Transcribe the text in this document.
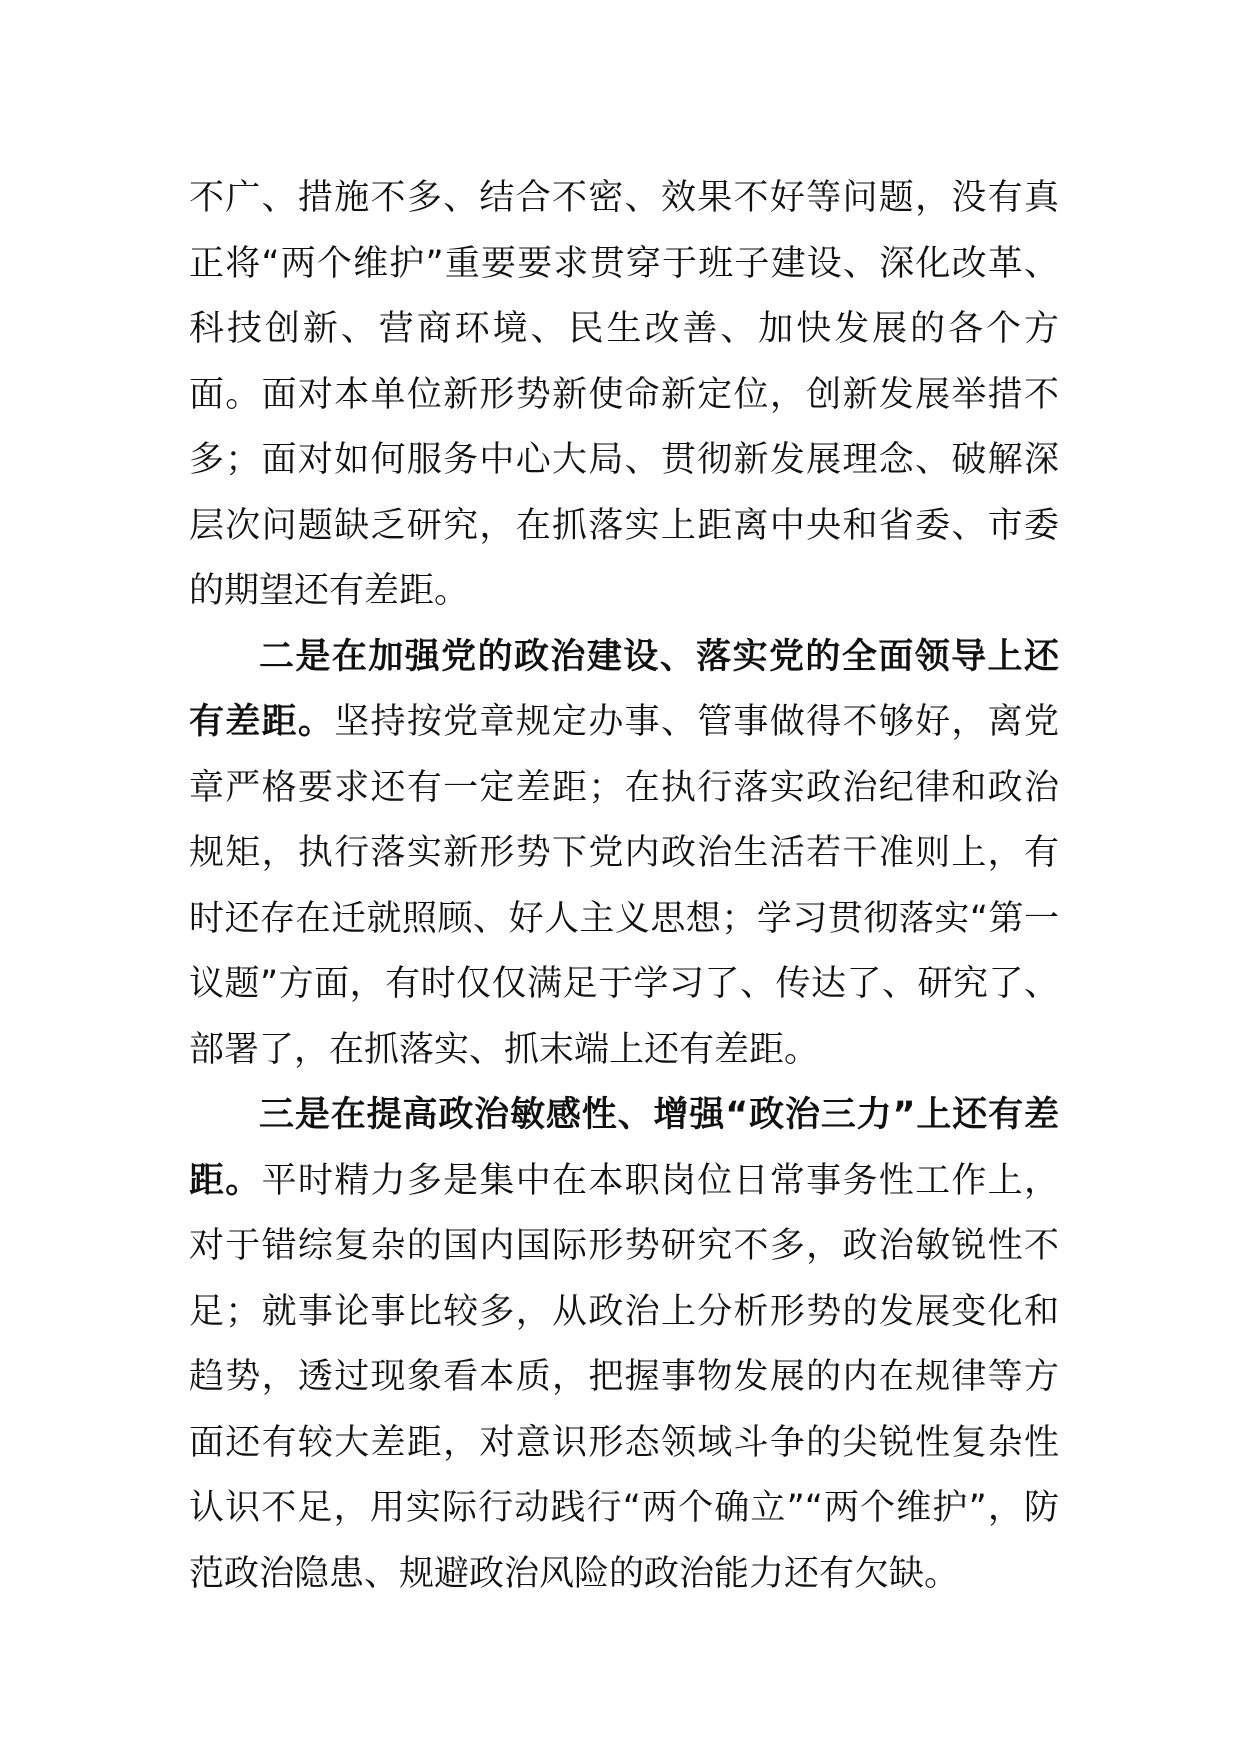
不广、措施不多、结合不密、效果不好等问题，没有真正将“两个维护”重要要求贯穿于班子建设、深化改革、科技创新、营商环境、民生改善、加快发展的各个方面。面对本单位新形势新使命新定位，创新发展举措不多；面对如何服务中心大局、贯彻新发展理念、破解深层次问题缺乏研究，在抓落实上距离中央和省委、市委的期望还有差距。

二是在加强党的政治建设、落实党的全面领导上还有差距。坚持按党章规定办事、管事做得不够好，离党章严格要求还有一定差距；在执行落实政治纪律和政治规矩，执行落实新形势下党内政治生活若干准则上，有时还存在迁就照顾、好人主义思想；学习贯彻落实“第一议题”方面，有时仅仅满足于学习了、传达了、研究了、部署了，在抓落实、抓末端上还有差距。

三是在提高政治敏感性、增强“政治三力”上还有差距。平时精力多是集中在本职岗位日常事务性工作上，对于错综复杂的国内国际形势研究不多，政治敏锐性不足；就事论事比较多，从政治上分析形势的发展变化和趋势，透过现象看本质，把握事物发展的内在规律等方面还有较大差距，对意识形态领域斗争的尖锐性复杂性认识不足，用实际行动践行“两个确立”“两个维护”，防范政治隐患、规避政治风险的政治能力还有欠缺。
